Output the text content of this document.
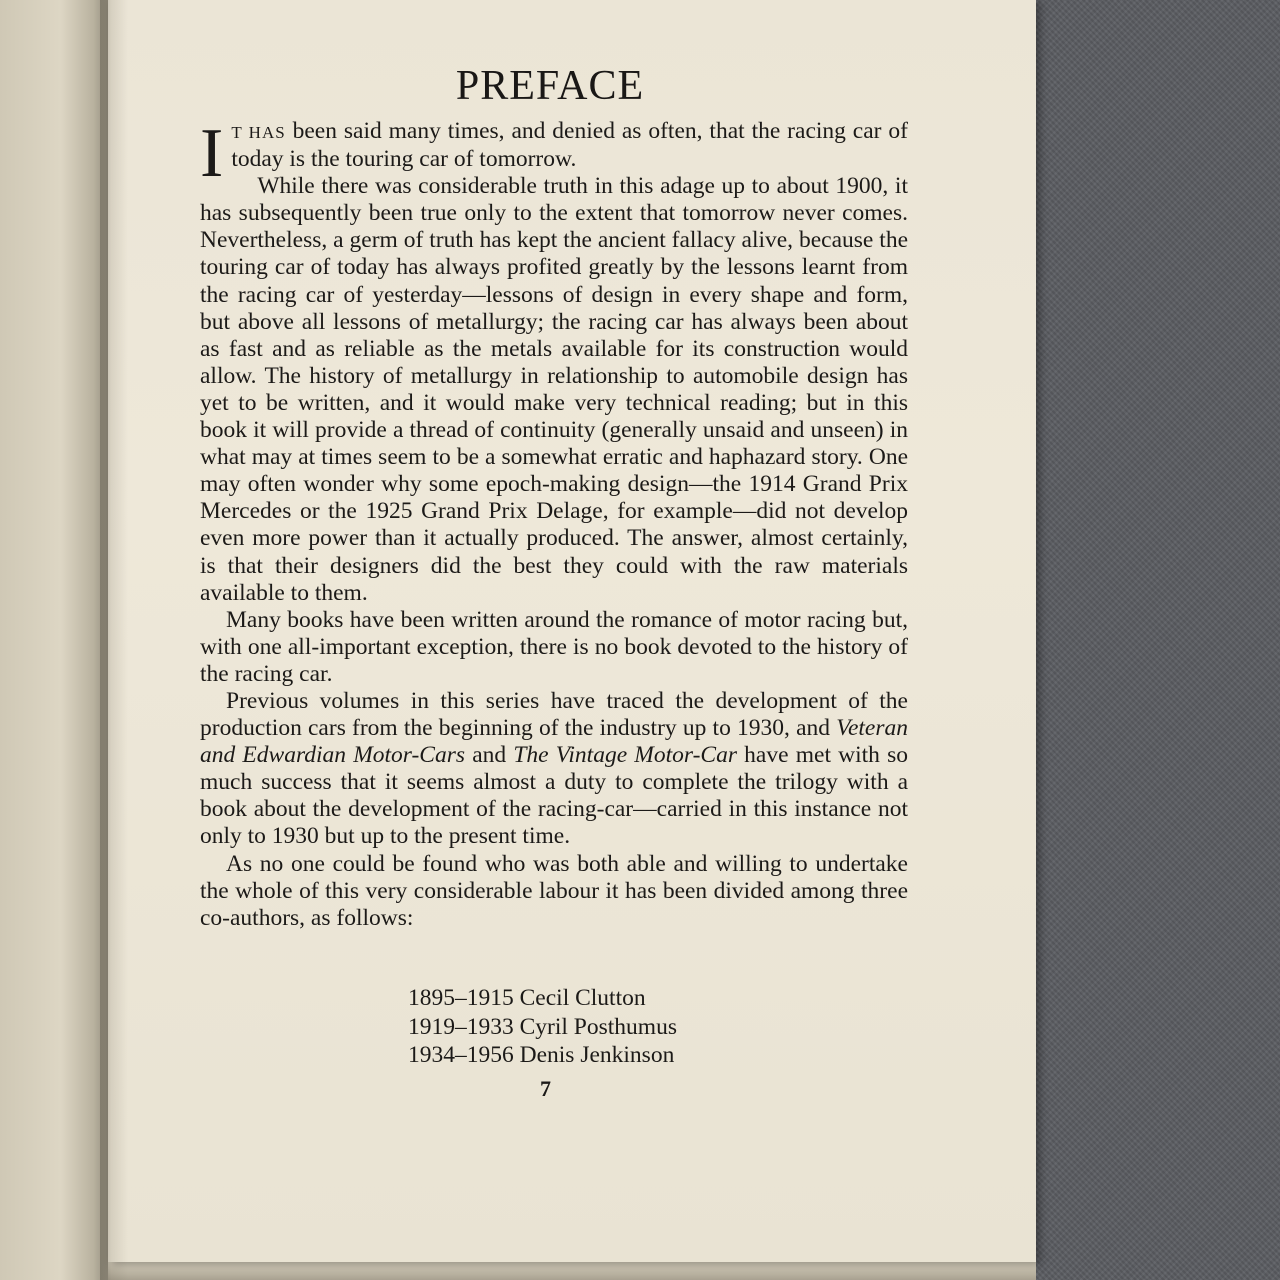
PREFACE

I T HAS been said many times, and denied as often, that the racing car of today is the touring car of tomorrow.

While there was considerable truth in this adage up to about 1900, it has subsequently been true only to the extent that tomorrow never comes. Nevertheless, a germ of truth has kept the ancient fallacy alive, because the touring car of today has always profited greatly by the lessons learnt from the racing car of yesterday—lessons of design in every shape and form, but above all lessons of metallurgy; the racing car has always been about as fast and as reliable as the metals available for its construction would allow. The history of metallurgy in relationship to automobile design has yet to be written, and it would make very technical reading; but in this book it will provide a thread of continuity (generally unsaid and unseen) in what may at times seem to be a somewhat erratic and haphazard story. One may often wonder why some epoch-making design—the 1914 Grand Prix Mercedes or the 1925 Grand Prix Delage, for example—did not develop even more power than it actually produced. The answer, almost certainly, is that their designers did the best they could with the raw materials available to them.

Many books have been written around the romance of motor racing but, with one all-important exception, there is no book devoted to the history of the racing car.

Previous volumes in this series have traced the development of the production cars from the beginning of the industry up to 1930, and Veteran and Edwardian Motor-Cars and The Vintage Motor-Car have met with so much success that it seems almost a duty to complete the trilogy with a book about the development of the racing-car—carried in this instance not only to 1930 but up to the present time.

As no one could be found who was both able and willing to undertake the whole of this very considerable labour it has been divided among three co-authors, as follows:

1895–1915 Cecil Clutton
1919–1933 Cyril Posthumus
1934–1956 Denis Jenkinson
7
